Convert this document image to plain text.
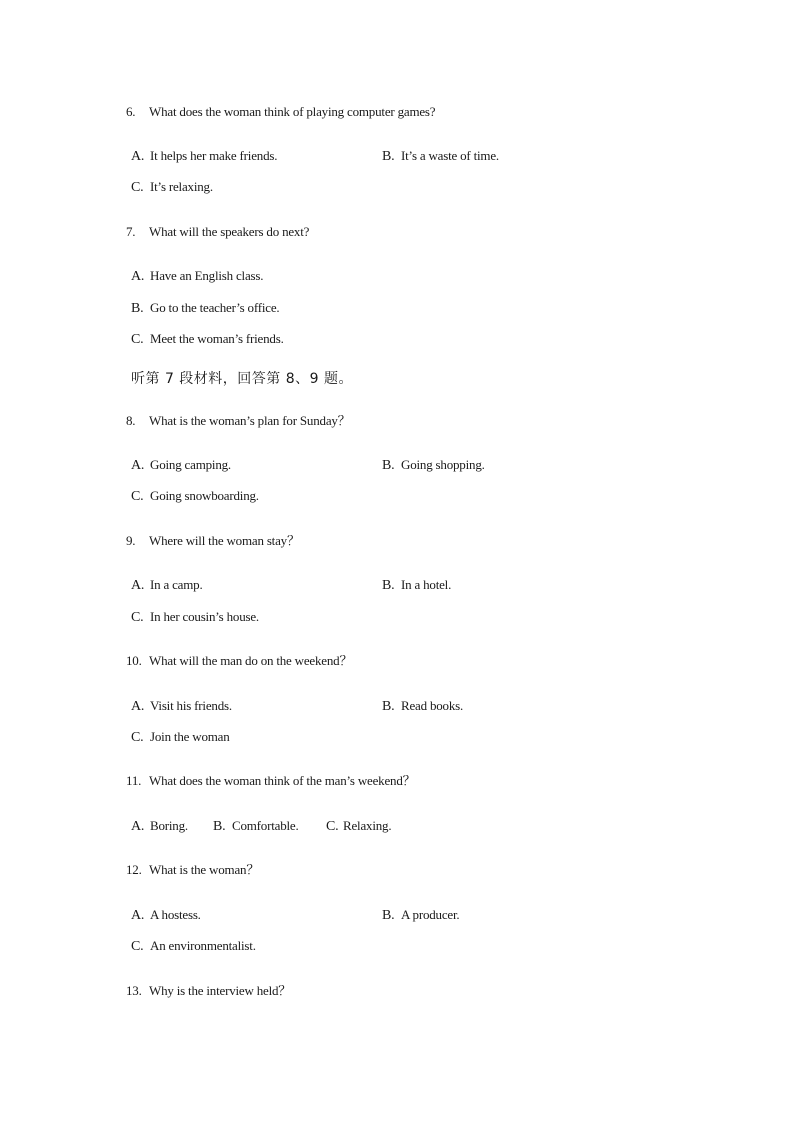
6. What does the woman think of playing computer games?
A. It helps her make friends.	B. It’s a waste of time.
C. It’s relaxing.
7. What will the speakers do next?
A. Have an English class.
B. Go to the teacher’s office.
C. Meet the woman’s friends.
听第 7 段材料，回答第 8、9 题。
8. What is the woman’s plan for Sunday？
A. Going camping.	B. Going shopping.
C. Going snowboarding.
9. Where will the woman stay？
A. In a camp.	B. In a hotel.
C. In her cousin’s house.
10. What will the man do on the weekend？
A. Visit his friends.	B. Read books.
C. Join the woman
11. What does the woman think of the man’s weekend？
A. Boring. B. Comfortable. C. Relaxing.
12. What is the woman？
A. A hostess.	B. A producer.
C. An environmentalist.
13. Why is the interview held？
